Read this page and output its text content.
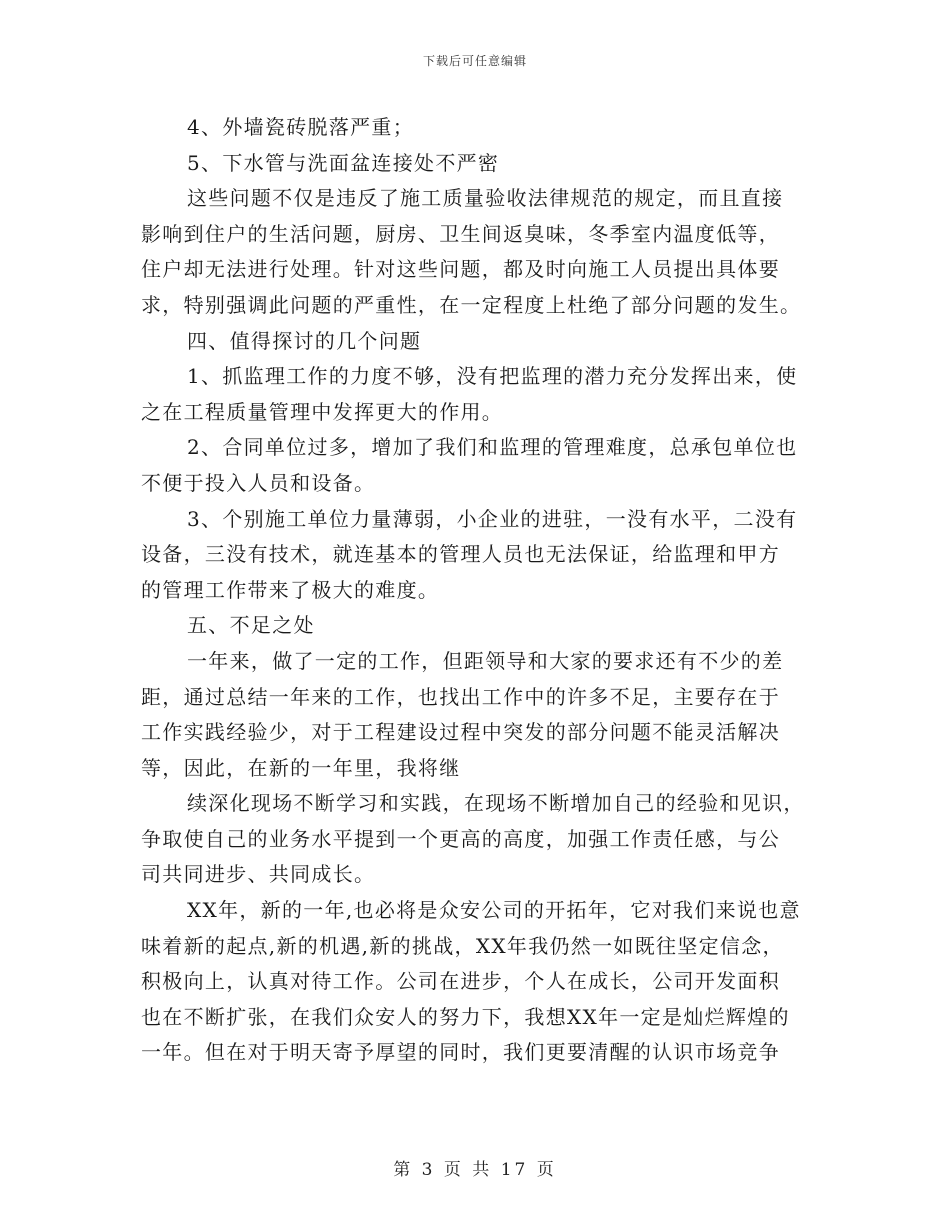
下载后可任意编辑
4、外墙瓷砖脱落严重；
5、下水管与洗面盆连接处不严密
这些问题不仅是违反了施工质量验收法律规范的规定，而且直接
影响到住户的生活问题，厨房、卫生间返臭味，冬季室内温度低等，
住户却无法进行处理。针对这些问题，都及时向施工人员提出具体要
求，特别强调此问题的严重性，在一定程度上杜绝了部分问题的发生。
四、值得探讨的几个问题
1、抓监理工作的力度不够，没有把监理的潜力充分发挥出来，使
之在工程质量管理中发挥更大的作用。
2、合同单位过多，增加了我们和监理的管理难度，总承包单位也
不便于投入人员和设备。
3、个别施工单位力量薄弱，小企业的进驻，一没有水平，二没有
设备，三没有技术，就连基本的管理人员也无法保证，给监理和甲方
的管理工作带来了极大的难度。
五、不足之处
一年来，做了一定的工作，但距领导和大家的要求还有不少的差
距，通过总结一年来的工作，也找出工作中的许多不足，主要存在于
工作实践经验少，对于工程建设过程中突发的部分问题不能灵活解决
等，因此，在新的一年里，我将继
续深化现场不断学习和实践，在现场不断增加自己的经验和见识，
争取使自己的业务水平提到一个更高的高度，加强工作责任感，与公
司共同进步、共同成长。
XX年，新的一年,也必将是众安公司的开拓年，它对我们来说也意
味着新的起点,新的机遇,新的挑战，XX年我仍然一如既往坚定信念，
积极向上，认真对待工作。公司在进步，个人在成长，公司开发面积
也在不断扩张，在我们众安人的努力下，我想XX年一定是灿烂辉煌的
一年。但在对于明天寄予厚望的同时，我们更要清醒的认识市场竞争
第 3 页 共 17 页
